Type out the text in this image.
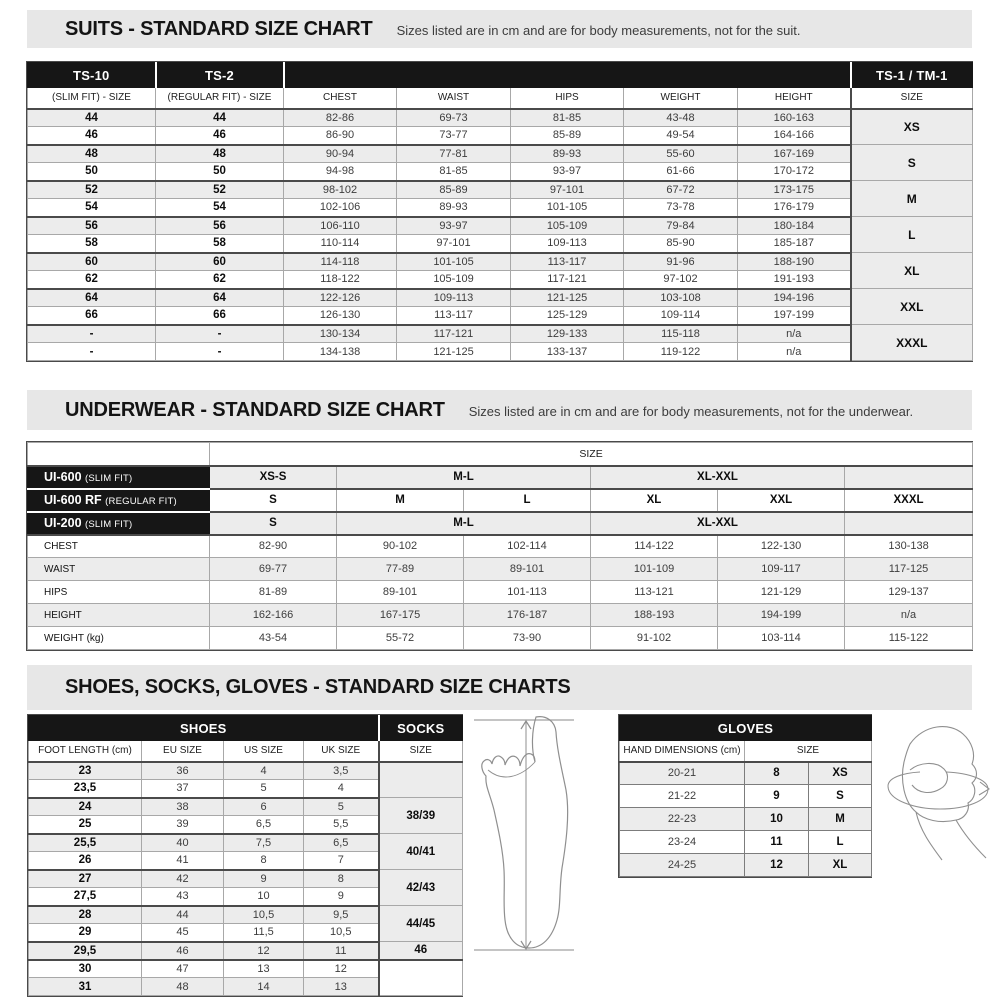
SUITS - STANDARD SIZE CHART Sizes listed are in cm and are for body measurements, not for the suit.
TS-10	TS-2						TS-1 / TM-1
(SLIM FIT) - SIZE	(REGULAR FIT) - SIZE	CHEST	WAIST	HIPS	WEIGHT	HEIGHT	SIZE
44	44	82-86	69-73	81-85	43-48	160-163	XS
46	46	86-90	73-77	85-89	49-54	164-166	
48	48	90-94	77-81	89-93	55-60	167-169	S
50	50	94-98	81-85	93-97	61-66	170-172	
52	52	98-102	85-89	97-101	67-72	173-175	M
54	54	102-106	89-93	101-105	73-78	176-179	
56	56	106-110	93-97	105-109	79-84	180-184	L
58	58	110-114	97-101	109-113	85-90	185-187	
60	60	114-118	101-105	113-117	91-96	188-190	XL
62	62	118-122	105-109	117-121	97-102	191-193	
64	64	122-126	109-113	121-125	103-108	194-196	XXL
66	66	126-130	113-117	125-129	109-114	197-199	
-	-	130-134	117-121	129-133	115-118	n/a	XXXL
-	-	134-138	121-125	133-137	119-122	n/a	
UNDERWEAR - STANDARD SIZE CHART Sizes listed are in cm and are for body measurements, not for the underwear.
	SIZE					
UI-600 (SLIM FIT)	XS-S	M-L		XL-XXL		
UI-600 RF (REGULAR FIT)	S	M	L	XL	XXL	XXXL
UI-200 (SLIM FIT)	S	M-L		XL-XXL		
CHEST	82-90	90-102	102-114	114-122	122-130	130-138
WAIST	69-77	77-89	89-101	101-109	109-117	117-125
HIPS	81-89	89-101	101-113	113-121	121-129	129-137
HEIGHT	162-166	167-175	176-187	188-193	194-199	n/a
WEIGHT (kg)	43-54	55-72	73-90	91-102	103-114	115-122
SHOES, SOCKS, GLOVES - STANDARD SIZE CHARTS
SHOES				SOCKS
FOOT LENGTH (cm)	EU SIZE	US SIZE	UK SIZE	SIZE
23	36	4	3,5	
23,5	37	5	4	
24	38	6	5	38/39
25	39	6,5	5,5	
25,5	40	7,5	6,5	40/41
26	41	8	7	
27	42	9	8	42/43
27,5	43	10	9	
28	44	10,5	9,5	44/45
29	45	11,5	10,5	
29,5	46	12	11	46
30	47	13	12	
31	48	14	13	
GLOVES		
HAND DIMENSIONS (cm)	SIZE	
20-21	8	XS
21-22	9	S
22-23	10	M
23-24	11	L
24-25	12	XL
